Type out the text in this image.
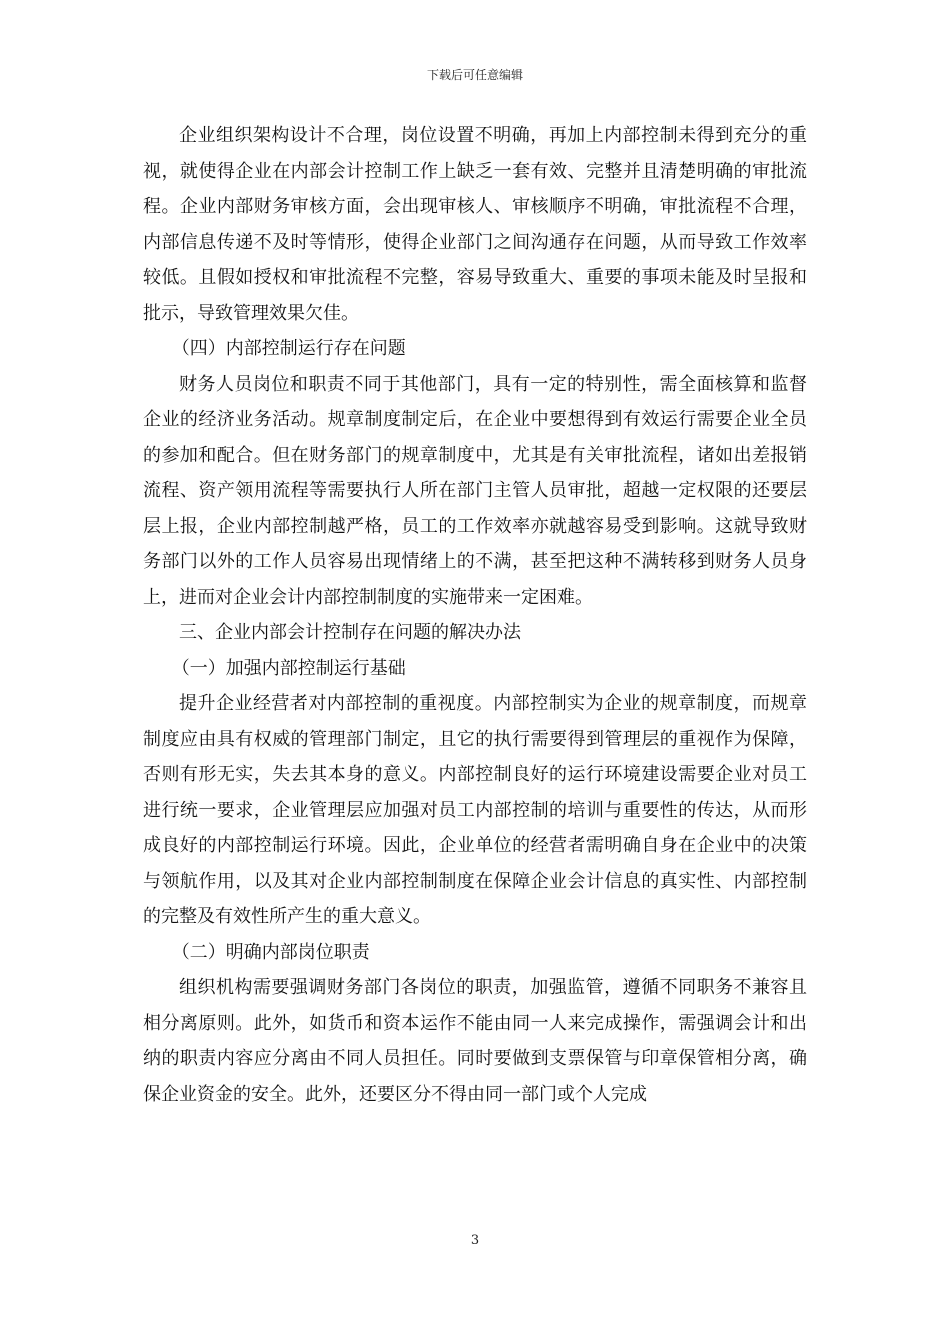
下载后可任意编辑

企业组织架构设计不合理，岗位设置不明确，再加上内部控制未得到充分的重视，就使得企业在内部会计控制工作上缺乏一套有效、完整并且清楚明确的审批流程。企业内部财务审核方面，会出现审核人、审核顺序不明确，审批流程不合理，内部信息传递不及时等情形，使得企业部门之间沟通存在问题，从而导致工作效率较低。且假如授权和审批流程不完整，容易导致重大、重要的事项未能及时呈报和批示，导致管理效果欠佳。

（四）内部控制运行存在问题

财务人员岗位和职责不同于其他部门，具有一定的特别性，需全面核算和监督企业的经济业务活动。规章制度制定后，在企业中要想得到有效运行需要企业全员的参加和配合。但在财务部门的规章制度中，尤其是有关审批流程，诸如出差报销流程、资产领用流程等需要执行人所在部门主管人员审批，超越一定权限的还要层层上报，企业内部控制越严格，员工的工作效率亦就越容易受到影响。这就导致财务部门以外的工作人员容易出现情绪上的不满，甚至把这种不满转移到财务人员身上，进而对企业会计内部控制制度的实施带来一定困难。

三、企业内部会计控制存在问题的解决办法

（一）加强内部控制运行基础

提升企业经营者对内部控制的重视度。内部控制实为企业的规章制度，而规章制度应由具有权威的管理部门制定，且它的执行需要得到管理层的重视作为保障，否则有形无实，失去其本身的意义。内部控制良好的运行环境建设需要企业对员工进行统一要求，企业管理层应加强对员工内部控制的培训与重要性的传达，从而形成良好的内部控制运行环境。因此，企业单位的经营者需明确自身在企业中的决策与领航作用，以及其对企业内部控制制度在保障企业会计信息的真实性、内部控制的完整及有效性所产生的重大意义。

（二）明确内部岗位职责

组织机构需要强调财务部门各岗位的职责，加强监管，遵循不同职务不兼容且相分离原则。此外，如货币和资本运作不能由同一人来完成操作，需强调会计和出纳的职责内容应分离由不同人员担任。同时要做到支票保管与印章保管相分离，确保企业资金的安全。此外，还要区分不得由同一部门或个人完成

3
